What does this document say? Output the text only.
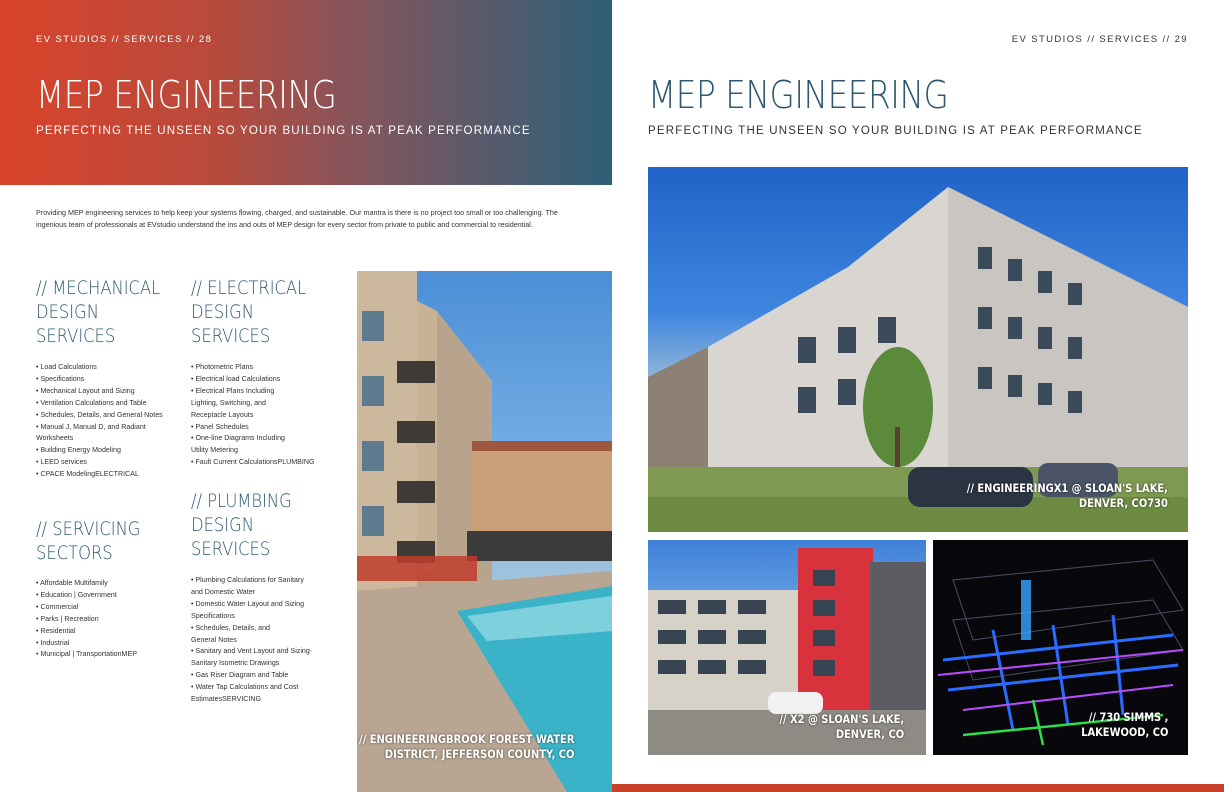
EV STUDIOS // SERVICES // 28
MEP ENGINEERING
PERFECTING THE UNSEEN SO YOUR BUILDING IS AT PEAK PERFORMANCE
Providing MEP engineering services to help keep your systems flowing, charged, and sustainable. Our mantra is there is no project too small or too challenging. The ingenious team of professionals at EVstudio understand the ins and outs of MEP design for every sector from private to public and commercial to residential.
// MECHANICAL
DESIGN
SERVICES
• Load Calculations
• Specifications
• Mechanical Layout and Sizing
• Ventilation Calculations and Table
• Schedules, Details, and General Notes
• Manual J, Manual D, and Radiant Worksheets
• Building Energy Modeling
• LEED services
• CPACE ModelingELECTRICAL
// ELECTRICAL
DESIGN
SERVICES
• Photometric Plans
• Electrical load Calculations
• Electrical Plans Including
Lighting, Switching, and
Receptacle Layouts
• Panel Schedules
• One-line Diagrams Including
Utility Metering
• Fault Current CalculationsPLUMBING
// SERVICING
SECTORS
• Affordable Multifamily
• Education | Government
• Commercial
• Parks | Recreation
• Residential
• Industrial
• Municipal | TransportationMEP
// PLUMBING
DESIGN
SERVICES
• Plumbing Calculations for Sanitary
and Domestic Water
• Domestic Water Layout and Sizing
Specifications
• Schedules, Details, and
General Notes
• Sanitary and Vent Layout and Sizing·
Sanitary Isometric Drawings
• Gas Riser Diagram and Table
• Water Tap Calculations and Cost
EstimatesSERVICING
// ENGINEERINGBROOK FOREST WATER
DISTRICT, JEFFERSON COUNTY, CO
EV STUDIOS // SERVICES // 29
MEP ENGINEERING
PERFECTING THE UNSEEN SO YOUR BUILDING IS AT PEAK PERFORMANCE
// ENGINEERINGX1 @ SLOAN'S LAKE,
DENVER, CO730
// X2 @ SLOAN'S LAKE,
DENVER, CO
// 730 SIMMS ,
LAKEWOOD, CO
